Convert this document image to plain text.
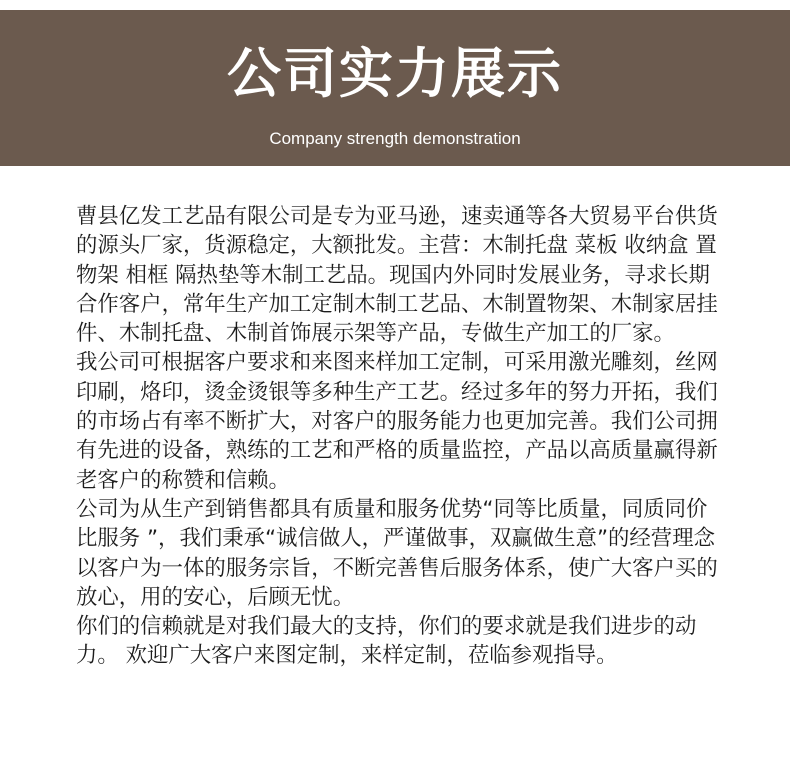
公司实力展示
Company strength demonstration

曹县亿发工艺品有限公司是专为亚马逊，速卖通等各大贸易平台供货的源头厂家，货源稳定，大额批发。主营：木制托盘 菜板 收纳盒 置物架 相框 隔热垫等木制工艺品。现国内外同时发展业务，寻求长期合作客户，常年生产加工定制木制工艺品、木制置物架、木制家居挂件、木制托盘、木制首饰展示架等产品，专做生产加工的厂家。

我公司可根据客户要求和来图来样加工定制，可采用激光雕刻，丝网印刷，烙印，烫金烫银等多种生产工艺。经过多年的努力开拓，我们的市场占有率不断扩大，对客户的服务能力也更加完善。我们公司拥有先进的设备，熟练的工艺和严格的质量监控，产品以高质量赢得新老客户的称赞和信赖。

公司为从生产到销售都具有质量和服务优势“同等比质量，同质同价比服务 ”，我们秉承“诚信做人，严谨做事，双赢做生意”的经营理念以客户为一体的服务宗旨，不断完善售后服务体系，使广大客户买的放心，用的安心，后顾无忧。

你们的信赖就是对我们最大的支持，你们的要求就是我们进步的动力。 欢迎广大客户来图定制，来样定制，莅临参观指导。
